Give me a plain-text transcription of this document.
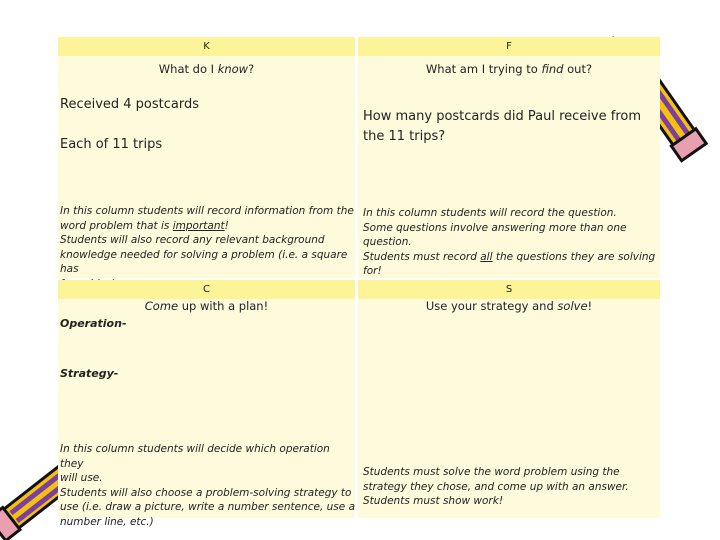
K
What do I know?
Received 4 postcards
Each of 11 trips
In this column students will record information from the
word problem that is important!
Students will also record any relevant background
knowledge needed for solving a problem (i.e. a square has
F
What am I trying to find out?
How many postcards did Paul receive from the 11 trips?
In this column students will record the question.
Some questions involve answering more than one question.
Students must record all the questions they are solving
for!
C
Come up with a plan!
Operation-
Strategy-
In this column students will decide which operation they
will use.
Students will also choose a problem-solving strategy to
use (i.e. draw a picture, write a number sentence, use a
number line, etc.)
S
Use your strategy and solve!
Students must solve the word problem using the
strategy they chose, and come up with an answer.
Students must show work!
